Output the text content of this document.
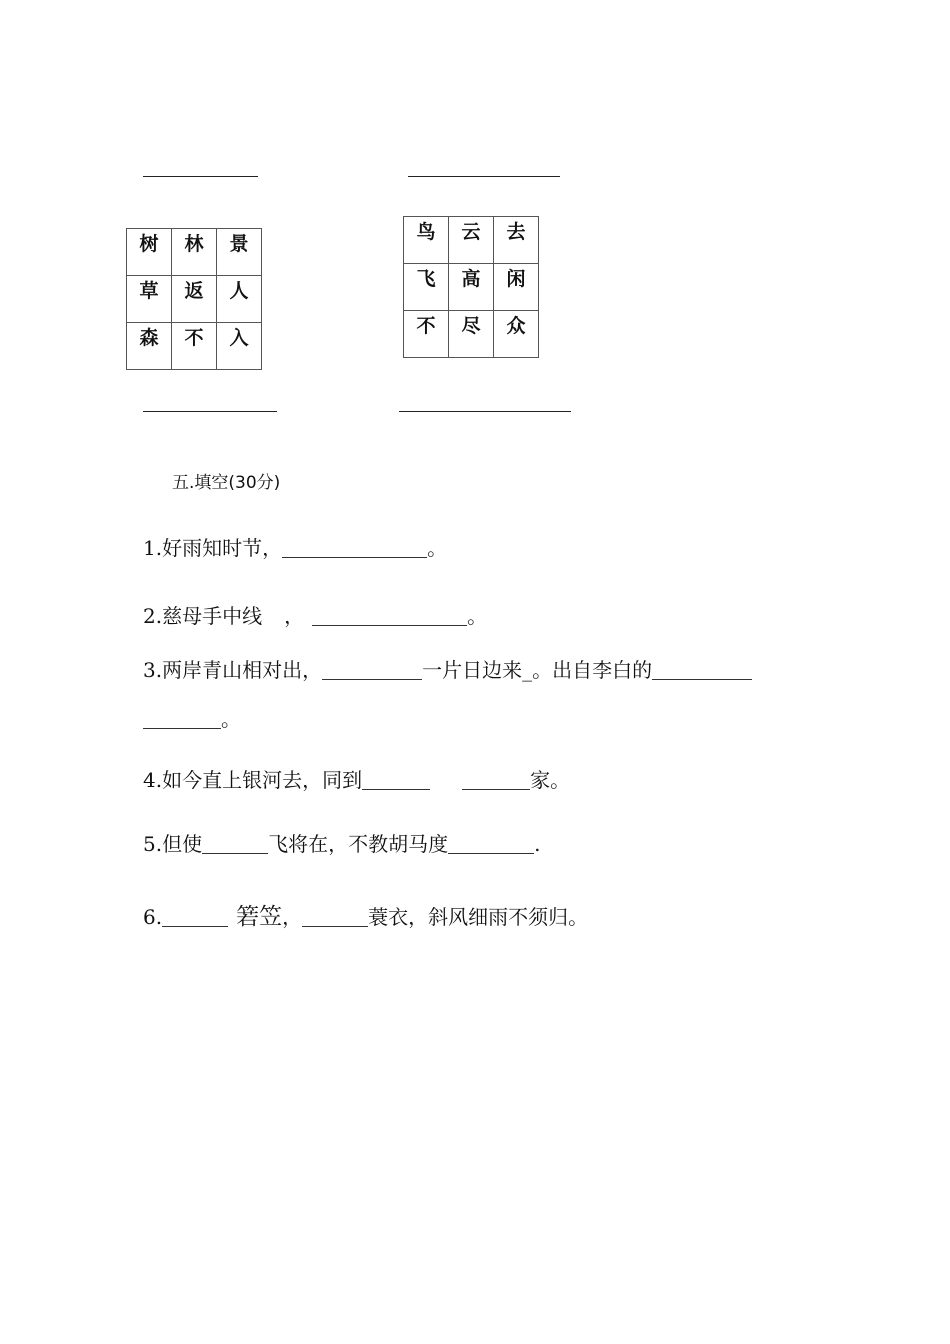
树	林	景
草	返	人
森	不	入
鸟	云	去
飞	高	闲
不	尽	众
五.填空(30分)
1.好雨知时节，	。
2.慈母手中线 ，	。
3.两岸青山相对出，	一片日边来_。出自李白的
。
4.如今直上银河去，同到	家。
5.但使	飞将在，不教胡马度	.
6.	箬笠，	蓑衣，斜风细雨不须归。
